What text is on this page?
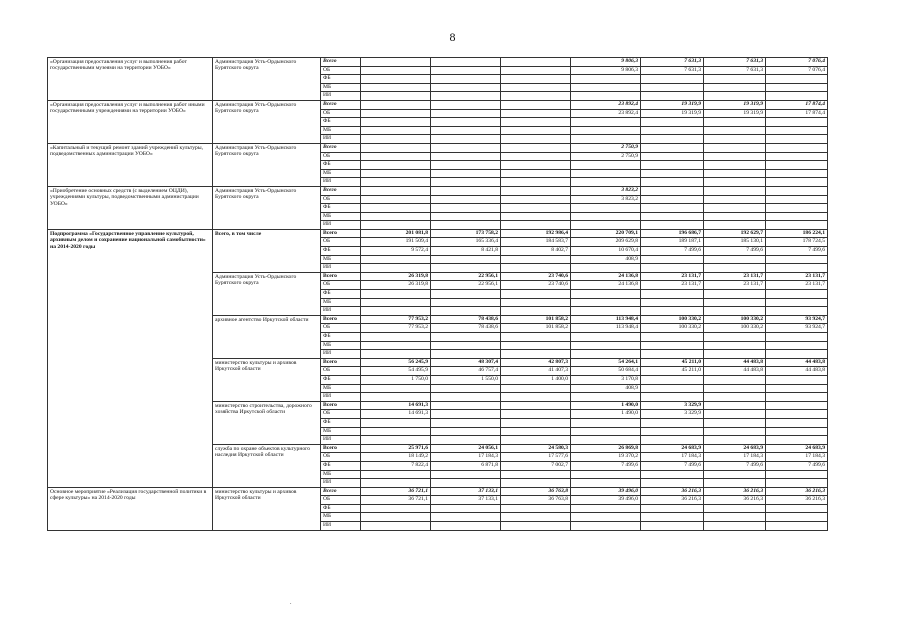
8
«Организация предоставления услуг и выполнения работ государственными музеями на территории УОБО»	Администрация Усть-Ордынского Бурятского округа	Всего				9 806,3	7 631,3	7 631,3	7 076,4
		ОБ				9 806,3	7 631,3	7 631,3	7 076,4
		ФБ							
		МБ							
		ИИ							
«Организация предоставления услуг и выполнения работ иными государственными учреждениями на территории УОБО»	Администрация Усть-Ордынского Бурятского округа	Всего				23 892,4	19 319,9	19 319,9	17 874,4
		ОБ				23 892,4	19 319,9	19 319,9	17 874,4
		ФБ							
		МБ							
		ИИ							
«Капитальный и текущий ремонт зданий учреждений культуры, подведомственных администрации УОБО»	Администрация Усть-Ордынского Бурятского округа	Всего				2 750,9			
		ОБ				2 750,9			
		ФБ							
		МБ							
		ИИ							
«Приобретение основных средств (с выделением ОЦДИ), учреждениями культуры, подведомственными администрации УОБО»	Администрация Усть-Ордынского Бурятского округа	Всего				3 823,2			
		ОБ				3 823,2			
		ФБ							
		МБ							
		ИИ							
Подпрограмма «Государственное управление культурой, архивным делом и сохранение национальной самобытности» на 2014-2020 годы	Всего, в том числе	Всего	201 081,8	173 758,2	192 986,4	220 709,1	196 686,7	192 629,7	186 224,1
		ОБ	191 509,4	165 336,4	184 583,7	209 629,8	189 187,1	185 130,1	178 724,5
		ФБ	9 572,4	8 421,8	8 402,7	10 670,4	7 499,6	7 499,6	7 499,6
		МБ				408,9			
		ИИ							
	Администрация Усть-Ордынского Бурятского округа	Всего	26 319,8	22 956,1	23 740,6	24 136,8	23 131,7	23 131,7	23 131,7
		ОБ	26 319,8	22 956,1	23 740,6	24 136,8	23 131,7	23 131,7	23 131,7
		ФБ							
		МБ							
		ИИ							
	архивное агентство Иркутской области	Всего	77 953,2	78 438,6	101 858,2	113 948,4	100 330,2	100 330,2	93 924,7
		ОБ	77 953,2	78 438,6	101 858,2	113 948,4	100 330,2	100 330,2	93 924,7
		ФБ							
		МБ							
		ИИ							
	министерство культуры и архивов Иркутской области	Всего	56 245,9	48 307,4	42 807,3	54 264,1	45 211,0	44 483,8	44 483,8
		ОБ	54 495,9	46 757,4	41 407,3	50 684,4	45 211,0	44 483,8	44 483,8
		ФБ	1 750,0	1 550,0	1 400,0	3 170,8			
		МБ				408,9			
		ИИ							
	министерство строительства, дорожного хозяйства Иркутской области	Всего	14 691,3			1 490,0	3 329,9		
		ОБ	14 691,3			1 490,0	3 329,9		
		ФБ							
		МБ							
		ИИ							
	служба по охране объектов культурного наследия Иркутской области	Всего	25 971,6	24 056,1	24 580,3	26 869,8	24 683,9	24 683,9	24 683,9
		ОБ	18 149,2	17 184,3	17 577,6	19 370,2	17 184,3	17 184,3	17 184,3
		ФБ	7 822,4	6 871,8	7 002,7	7 499,6	7 499,6	7 499,6	7 499,6
		МБ							
		ИИ							
Основное мероприятие «Реализация государственной политики в сфере культуры» на 2014-2020 годы	министерство культуры и архивов Иркутской области	Всего	36 721,1	37 133,1	36 763,8	39 496,0	36 216,3	36 216,3	36 216,3
		ОБ	36 721,1	37 133,1	36 763,8	39 496,0	36 216,3	36 216,3	36 216,3
		ФБ							
		МБ							
		ИИ							
.
